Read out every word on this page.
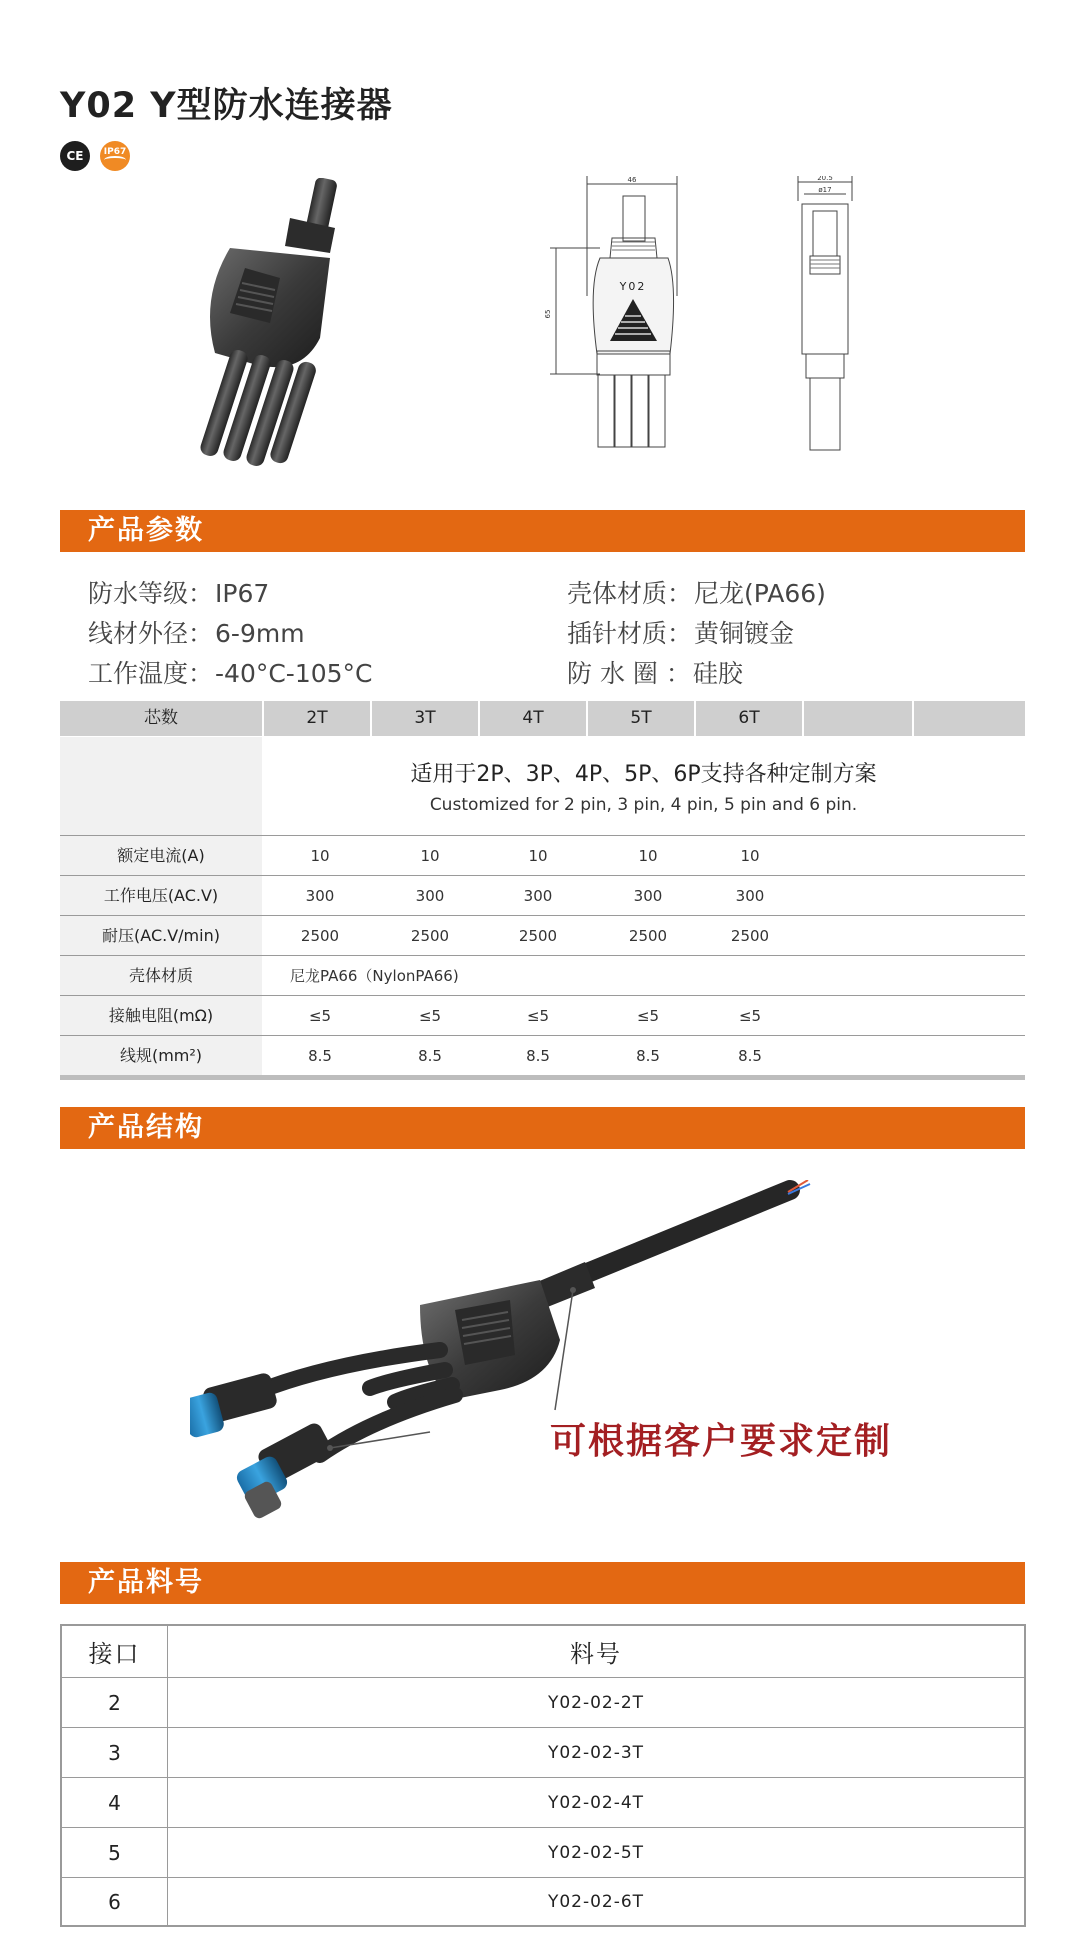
Y02 Y型防水连接器
CE	IP67
46
65
Y02
20.5
ø17
产品参数
防水等级：IP67
线材外径：6-9mm
工作温度：-40°C-105°C
壳体材质：尼龙(PA66)
插针材质：黄铜镀金
防 水 圈 ：硅胶
芯数	2T	3T	4T	5T	6T
适用于2P、3P、4P、5P、6P支持各种定制方案
Customized for 2 pin, 3 pin, 4 pin, 5 pin and 6 pin.
额定电流(A)	10	10	10	10	10
工作电压(AC.V)	300	300	300	300	300
耐压(AC.V/min)	2500	2500	2500	2500	2500
壳体材质	尼龙PA66（NylonPA66)
接触电阻(mΩ)	≤5	≤5	≤5	≤5	≤5
线规(mm²)	8.5	8.5	8.5	8.5	8.5
产品结构
可根据客户要求定制
产品料号
接口	料号
2	Y02-02-2T
3	Y02-02-3T
4	Y02-02-4T
5	Y02-02-5T
6	Y02-02-6T
